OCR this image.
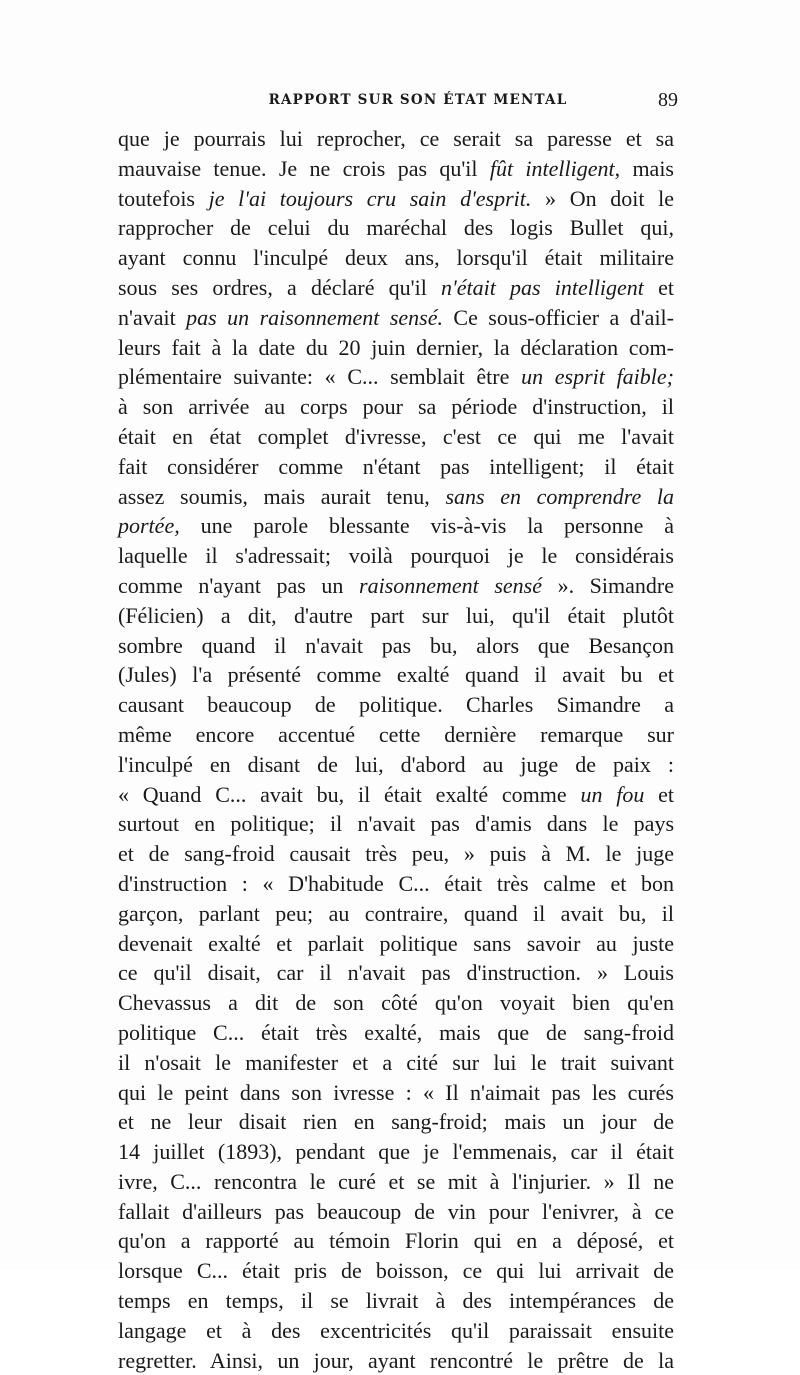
RAPPORT SUR SON ÉTAT MENTAL	89
que je pourrais lui reprocher, ce serait sa paresse et sa
mauvaise tenue. Je ne crois pas qu'il fût intelligent, mais
toutefois je l'ai toujours cru sain d'esprit. » On doit le
rapprocher de celui du maréchal des logis Bullet qui,
ayant connu l'inculpé deux ans, lorsqu'il était militaire
sous ses ordres, a déclaré qu'il n'était pas intelligent et
n'avait pas un raisonnement sensé. Ce sous-officier a d'ail-
leurs fait à la date du 20 juin dernier, la déclaration com-
plémentaire suivante: « C... semblait être un esprit faible;
à son arrivée au corps pour sa période d'instruction, il
était en état complet d'ivresse, c'est ce qui me l'avait
fait considérer comme n'étant pas intelligent; il était
assez soumis, mais aurait tenu, sans en comprendre la
portée, une parole blessante vis-à-vis la personne à
laquelle il s'adressait; voilà pourquoi je le considérais
comme n'ayant pas un raisonnement sensé ». Simandre
(Félicien) a dit, d'autre part sur lui, qu'il était plutôt
sombre quand il n'avait pas bu, alors que Besançon
(Jules) l'a présenté comme exalté quand il avait bu et
causant beaucoup de politique. Charles Simandre a
même encore accentué cette dernière remarque sur
l'inculpé en disant de lui, d'abord au juge de paix :
« Quand C... avait bu, il était exalté comme un fou et
surtout en politique; il n'avait pas d'amis dans le pays
et de sang-froid causait très peu, » puis à M. le juge
d'instruction : « D'habitude C... était très calme et bon
garçon, parlant peu; au contraire, quand il avait bu, il
devenait exalté et parlait politique sans savoir au juste
ce qu'il disait, car il n'avait pas d'instruction. » Louis
Chevassus a dit de son côté qu'on voyait bien qu'en
politique C... était très exalté, mais que de sang-froid
il n'osait le manifester et a cité sur lui le trait suivant
qui le peint dans son ivresse : « Il n'aimait pas les curés
et ne leur disait rien en sang-froid; mais un jour de
14 juillet (1893), pendant que je l'emmenais, car il était
ivre, C... rencontra le curé et se mit à l'injurier. » Il ne
fallait d'ailleurs pas beaucoup de vin pour l'enivrer, à ce
qu'on a rapporté au témoin Florin qui en a déposé, et
lorsque C... était pris de boisson, ce qui lui arrivait de
temps en temps, il se livrait à des intempérances de
langage et à des excentricités qu'il paraissait ensuite
regretter. Ainsi, un jour, ayant rencontré le prêtre de la
